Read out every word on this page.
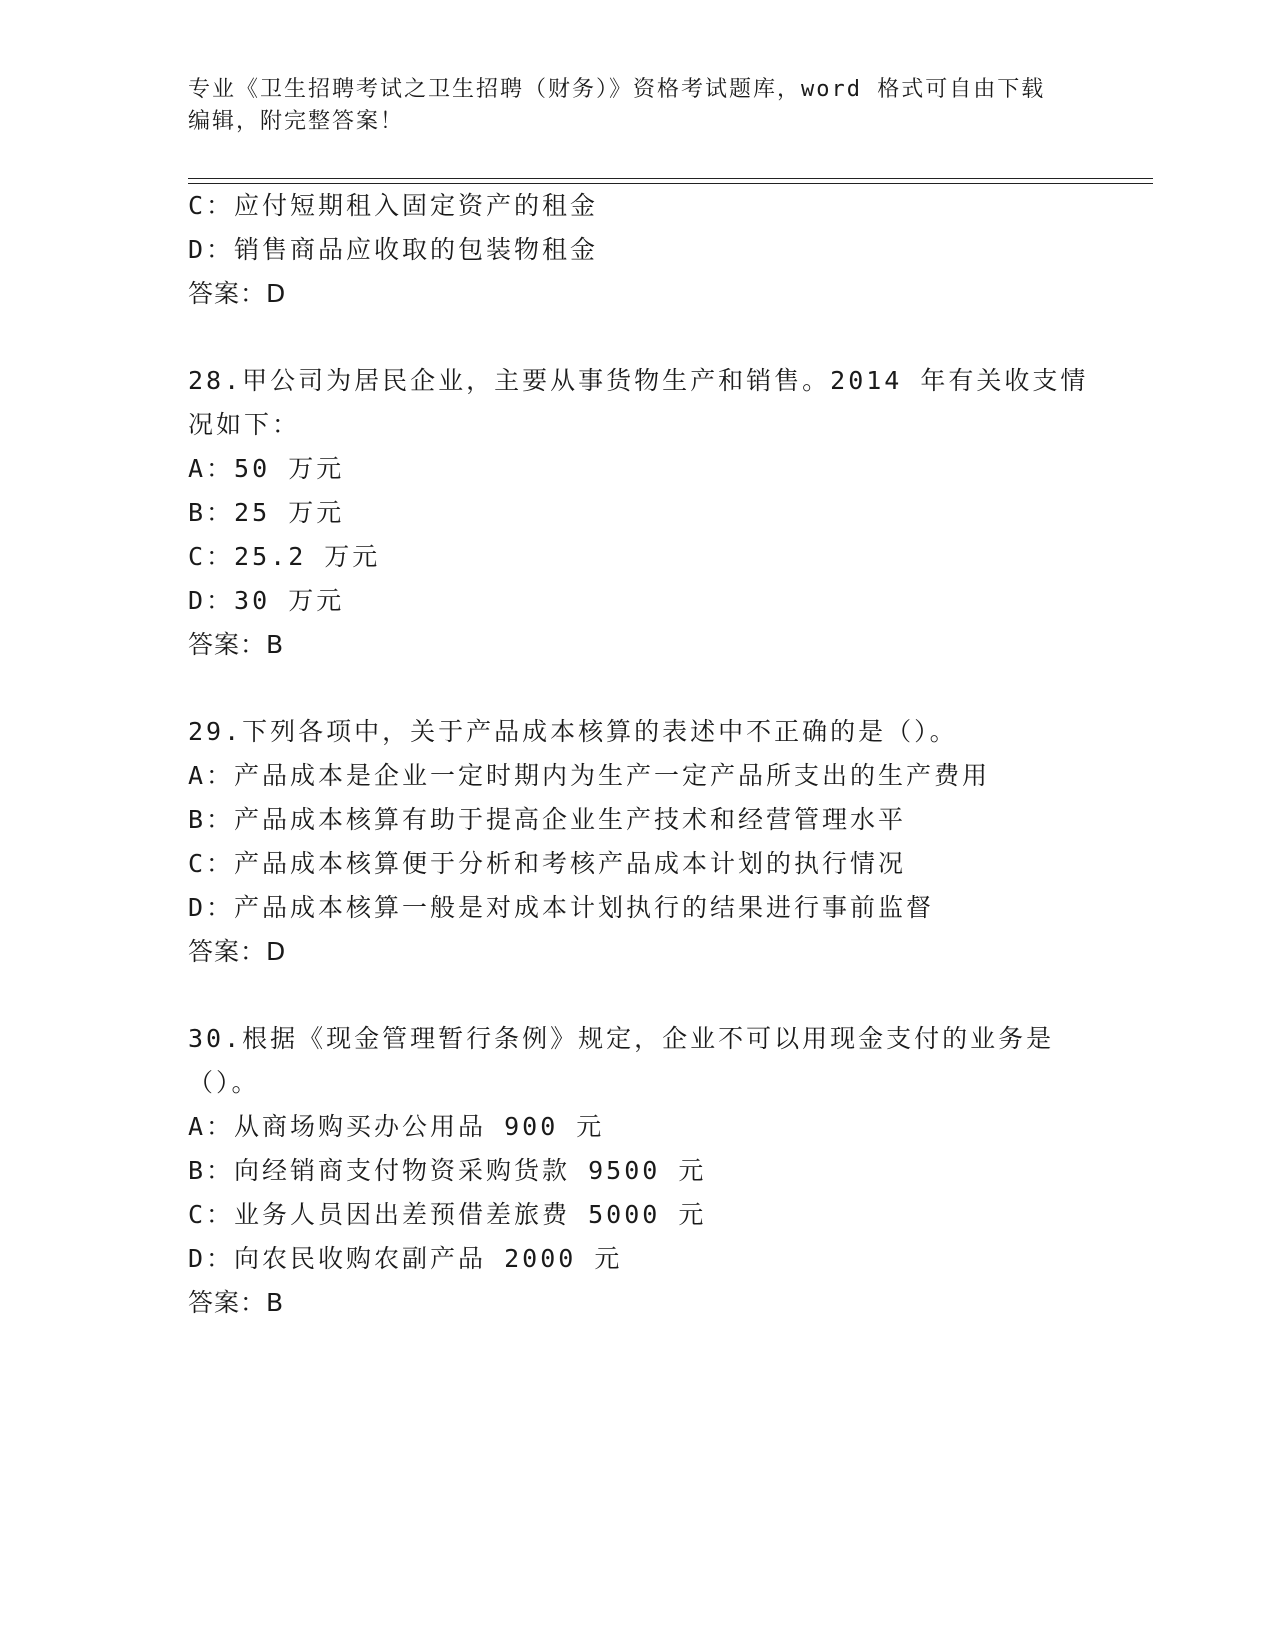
专业《卫生招聘考试之卫生招聘（财务）》资格考试题库，word 格式可自由下载
编辑，附完整答案！
C：应付短期租入固定资产的租金
D：销售商品应收取的包装物租金
答案：D
28.甲公司为居民企业，主要从事货物生产和销售。2014 年有关收支情
况如下：
A：50 万元
B：25 万元
C：25.2 万元
D：30 万元
答案：B
29.下列各项中，关于产品成本核算的表述中不正确的是（）。
A：产品成本是企业一定时期内为生产一定产品所支出的生产费用
B：产品成本核算有助于提高企业生产技术和经营管理水平
C：产品成本核算便于分析和考核产品成本计划的执行情况
D：产品成本核算一般是对成本计划执行的结果进行事前监督
答案：D
30.根据《现金管理暂行条例》规定，企业不可以用现金支付的业务是
（）。
A：从商场购买办公用品 900 元
B：向经销商支付物资采购货款 9500 元
C：业务人员因出差预借差旅费 5000 元
D：向农民收购农副产品 2000 元
答案：B
